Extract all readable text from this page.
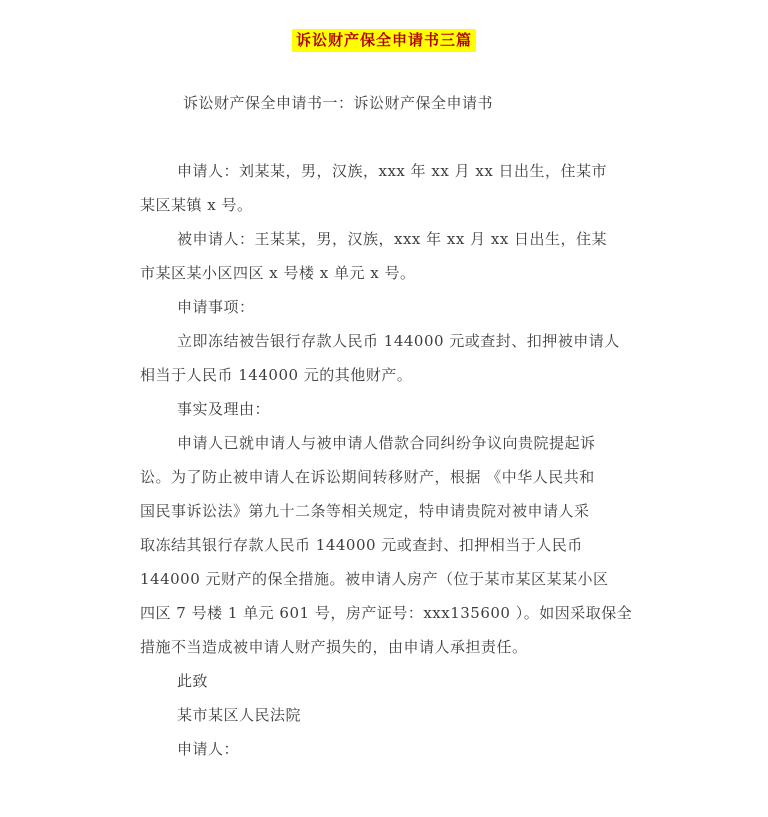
诉讼财产保全申请书三篇
诉讼财产保全申请书一：诉讼财产保全申请书
申请人：刘某某，男，汉族，xxx 年 xx 月 xx 日出生，住某市
某区某镇 x 号。
被申请人：王某某，男，汉族，xxx 年 xx 月 xx 日出生，住某
市某区某小区四区 x 号楼 x 单元 x 号。
申请事项：
立即冻结被告银行存款人民币 144000 元或查封、扣押被申请人
相当于人民币 144000 元的其他财产。
事实及理由：
申请人已就申请人与被申请人借款合同纠纷争议向贵院提起诉
讼。为了防止被申请人在诉讼期间转移财产，根据 《中华人民共和
国民事诉讼法》第九十二条等相关规定，特申请贵院对被申请人采
取冻结其银行存款人民币 144000 元或查封、扣押相当于人民币
144000 元财产的保全措施。被申请人房产（位于某市某区某某小区
四区 7 号楼 1 单元 601 号，房产证号：xxx135600 ）。如因采取保全
措施不当造成被申请人财产损失的，由申请人承担责任。
此致
某市某区人民法院
申请人：
